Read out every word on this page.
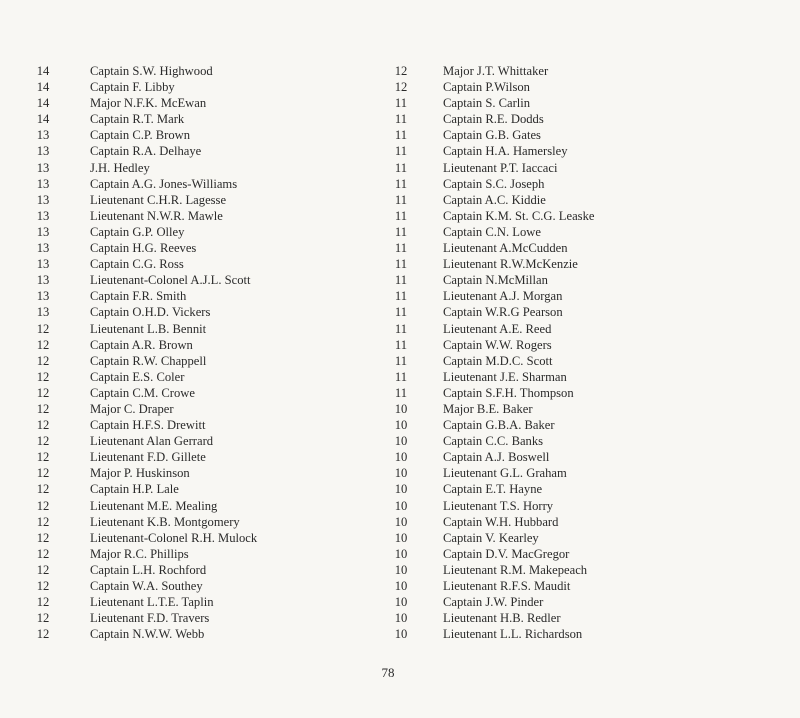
14	Captain S.W. Highwood
14	Captain F. Libby
14	Major N.F.K. McEwan
14	Captain R.T. Mark
13	Captain C.P. Brown
13	Captain R.A. Delhaye
13	J.H. Hedley
13	Captain A.G. Jones-Williams
13	Lieutenant C.H.R. Lagesse
13	Lieutenant N.W.R. Mawle
13	Captain G.P. Olley
13	Captain H.G. Reeves
13	Captain C.G. Ross
13	Lieutenant-Colonel A.J.L. Scott
13	Captain F.R. Smith
13	Captain O.H.D. Vickers
12	Lieutenant L.B. Bennit
12	Captain A.R. Brown
12	Captain R.W. Chappell
12	Captain E.S. Coler
12	Captain C.M. Crowe
12	Major C. Draper
12	Captain H.F.S. Drewitt
12	Lieutenant Alan Gerrard
12	Lieutenant F.D. Gillete
12	Major P. Huskinson
12	Captain H.P. Lale
12	Lieutenant M.E. Mealing
12	Lieutenant K.B. Montgomery
12	Lieutenant-Colonel R.H. Mulock
12	Major R.C. Phillips
12	Captain L.H. Rochford
12	Captain W.A. Southey
12	Lieutenant L.T.E. Taplin
12	Lieutenant F.D. Travers
12	Captain N.W.W. Webb
12	Major J.T. Whittaker
12	Captain P.Wilson
11	Captain S. Carlin
11	Captain R.E. Dodds
11	Captain G.B. Gates
11	Captain H.A. Hamersley
11	Lieutenant P.T. Iaccaci
11	Captain S.C. Joseph
11	Captain A.C. Kiddie
11	Captain K.M. St. C.G. Leaske
11	Captain C.N. Lowe
11	Lieutenant A.McCudden
11	Lieutenant R.W.McKenzie
11	Captain N.McMillan
11	Lieutenant A.J. Morgan
11	Captain W.R.G Pearson
11	Lieutenant A.E. Reed
11	Captain W.W. Rogers
11	Captain M.D.C. Scott
11	Lieutenant J.E. Sharman
11	Captain S.F.H. Thompson
10	Major B.E. Baker
10	Captain G.B.A. Baker
10	Captain C.C. Banks
10	Captain A.J. Boswell
10	Lieutenant G.L. Graham
10	Captain E.T. Hayne
10	Lieutenant T.S. Horry
10	Captain W.H. Hubbard
10	Captain V. Kearley
10	Captain D.V. MacGregor
10	Lieutenant R.M. Makepeach
10	Lieutenant R.F.S. Maudit
10	Captain J.W. Pinder
10	Lieutenant H.B. Redler
10	Lieutenant L.L. Richardson
78
